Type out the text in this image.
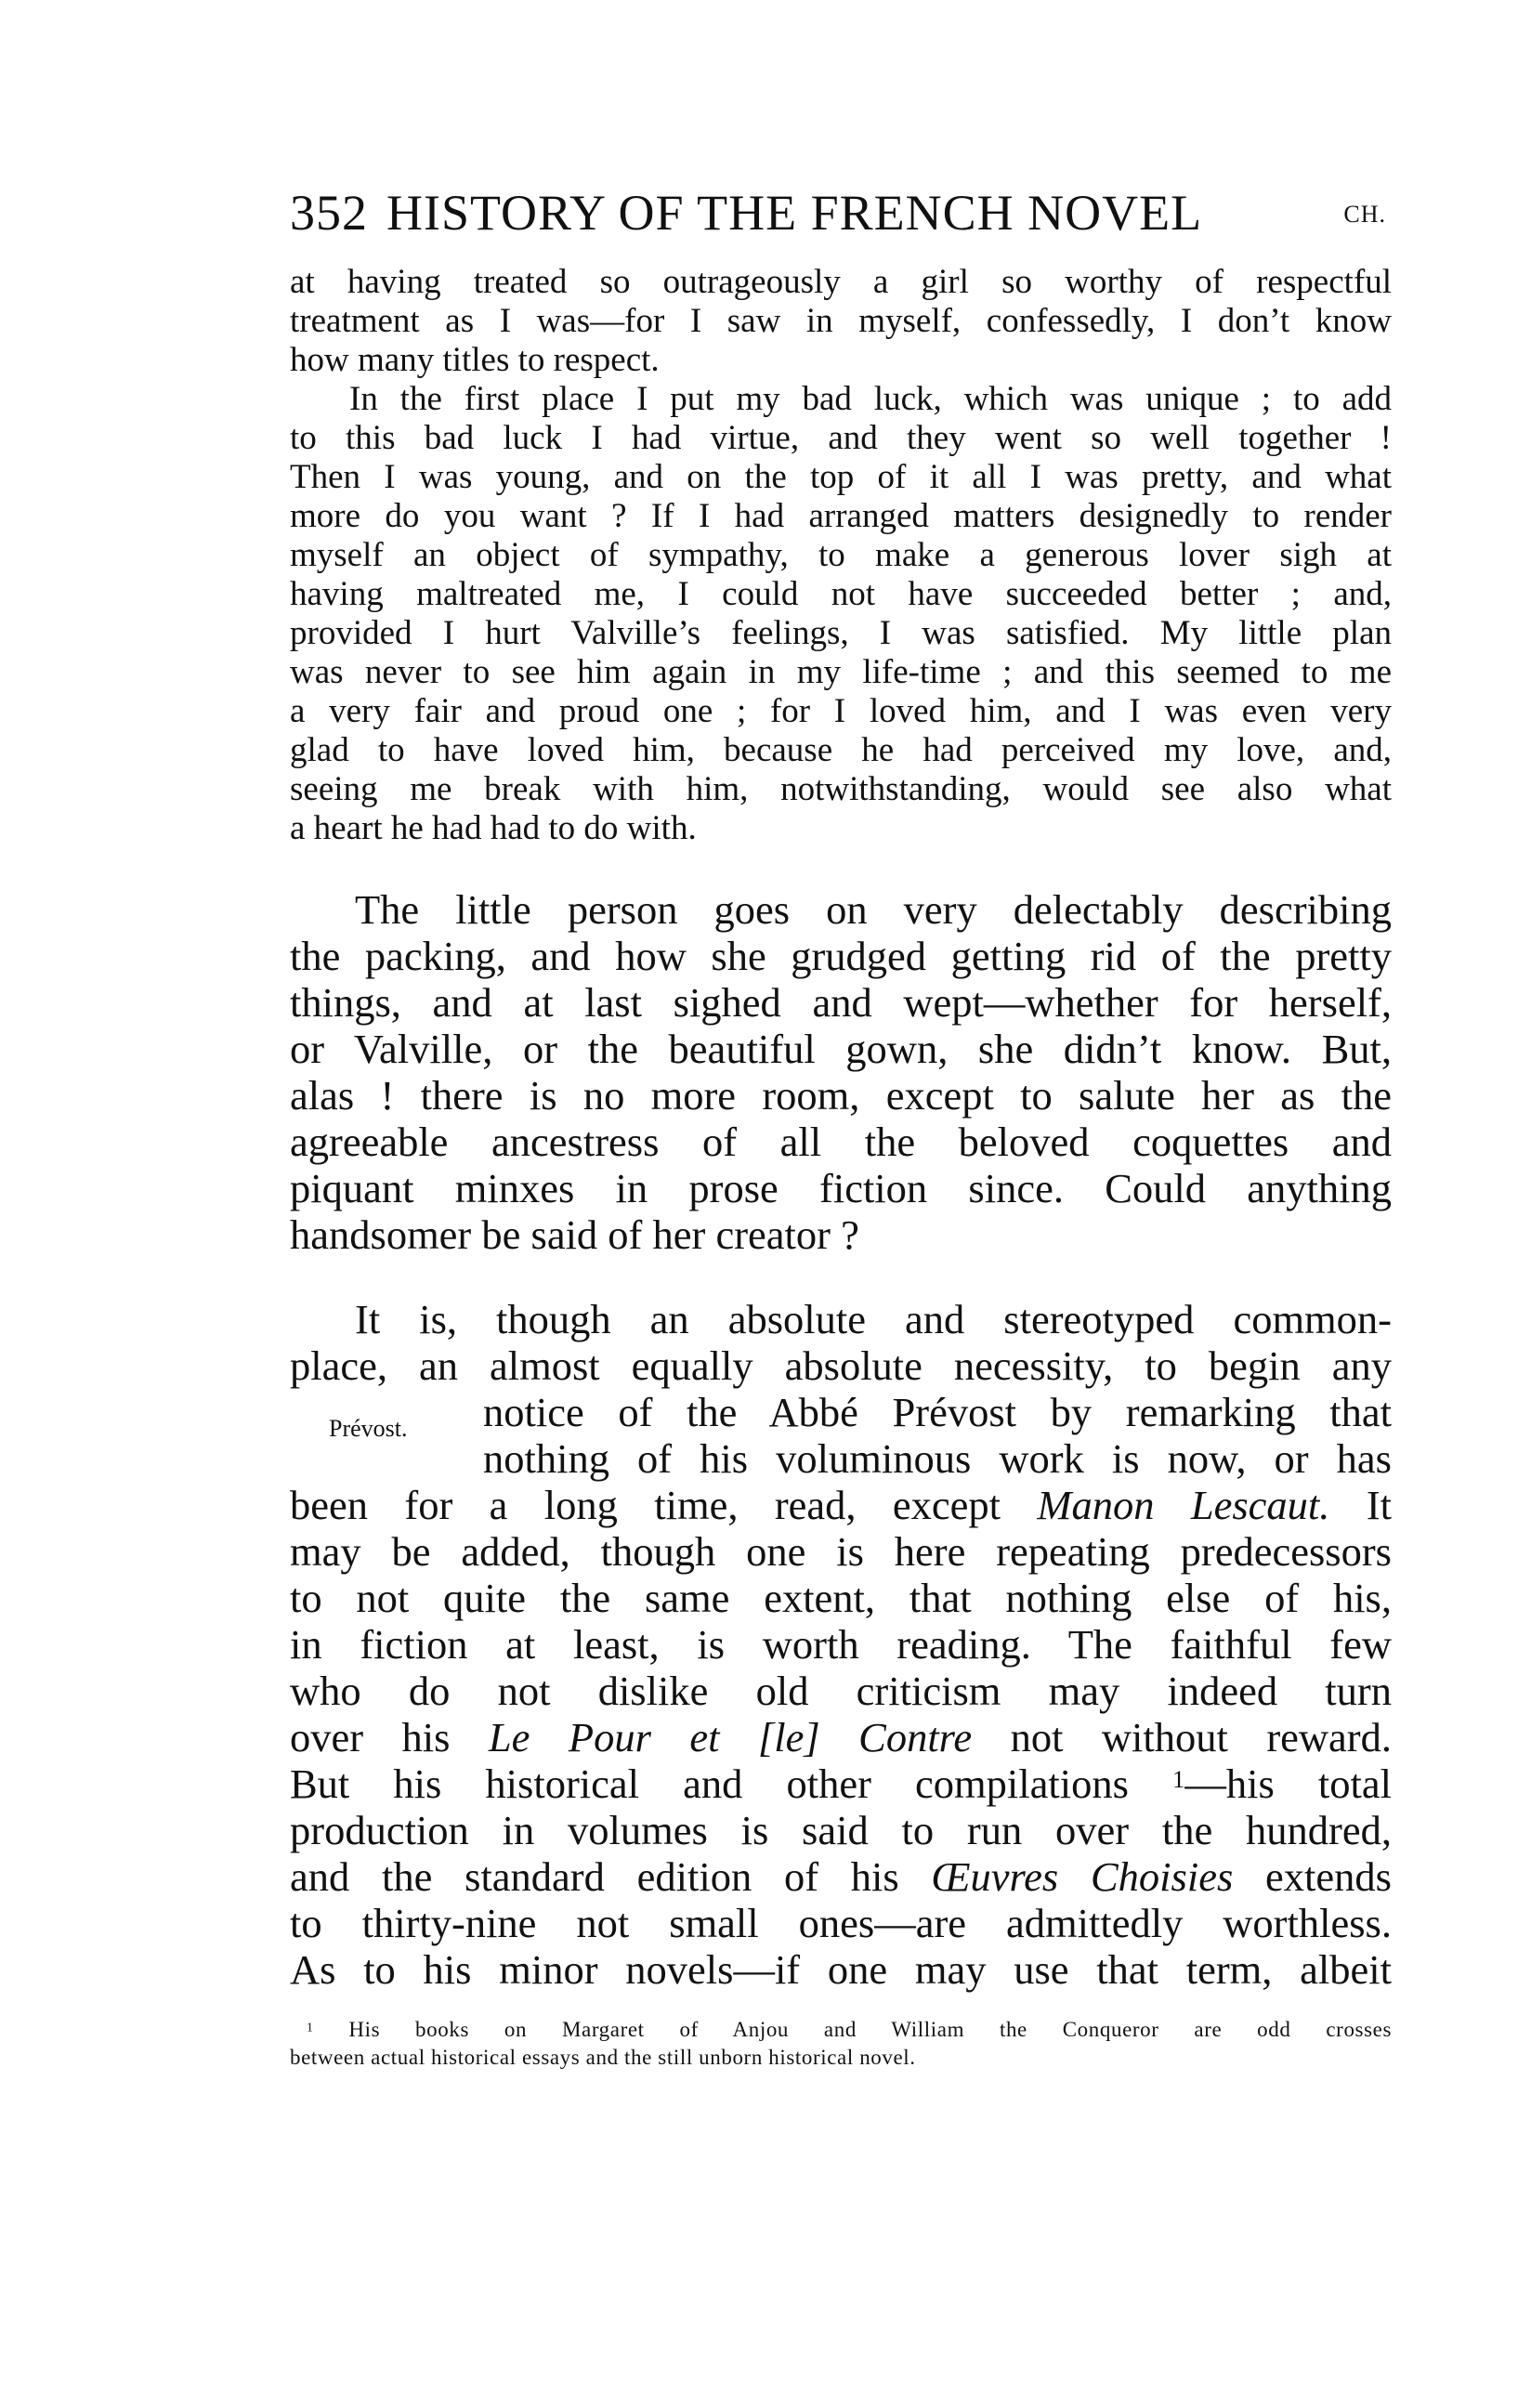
352 HISTORY OF THE FRENCH NOVEL	CH.
at having treated so outrageously a girl so worthy of respectful
treatment as I was—for I saw in myself, confessedly, I don’t know
how many titles to respect.
In the first place I put my bad luck, which was unique ; to add
to this bad luck I had virtue, and they went so well together !
Then I was young, and on the top of it all I was pretty, and what
more do you want ? If I had arranged matters designedly to render
myself an object of sympathy, to make a generous lover sigh at
having maltreated me, I could not have succeeded better ; and,
provided I hurt Valville’s feelings, I was satisfied. My little plan
was never to see him again in my life-time ; and this seemed to me
a very fair and proud one ; for I loved him, and I was even very
glad to have loved him, because he had perceived my love, and,
seeing me break with him, notwithstanding, would see also what
a heart he had had to do with.
The little person goes on very delectably describing
the packing, and how she grudged getting rid of the pretty
things, and at last sighed and wept—whether for herself,
or Valville, or the beautiful gown, she didn’t know. But,
alas ! there is no more room, except to salute her as the
agreeable ancestress of all the beloved coquettes and
piquant minxes in prose fiction since. Could anything
handsomer be said of her creator ?
Prévost.
It is, though an absolute and stereotyped common-
place, an almost equally absolute necessity, to begin any
notice of the Abbé Prévost by remarking that
nothing of his voluminous work is now, or has
been for a long time, read, except Manon Lescaut. It
may be added, though one is here repeating predecessors
to not quite the same extent, that nothing else of his,
in fiction at least, is worth reading. The faithful few
who do not dislike old criticism may indeed turn
over his Le Pour et [le] Contre not without reward.
But his historical and other compilations $^1$—his total
production in volumes is said to run over the hundred,
and the standard edition of his Œuvres Choisies extends
to thirty-nine not small ones—are admittedly worthless.
As to his minor novels—if one may use that term, albeit
$^1$ His books on Margaret of Anjou and William the Conqueror are odd crosses
between actual historical essays and the still unborn historical novel.
